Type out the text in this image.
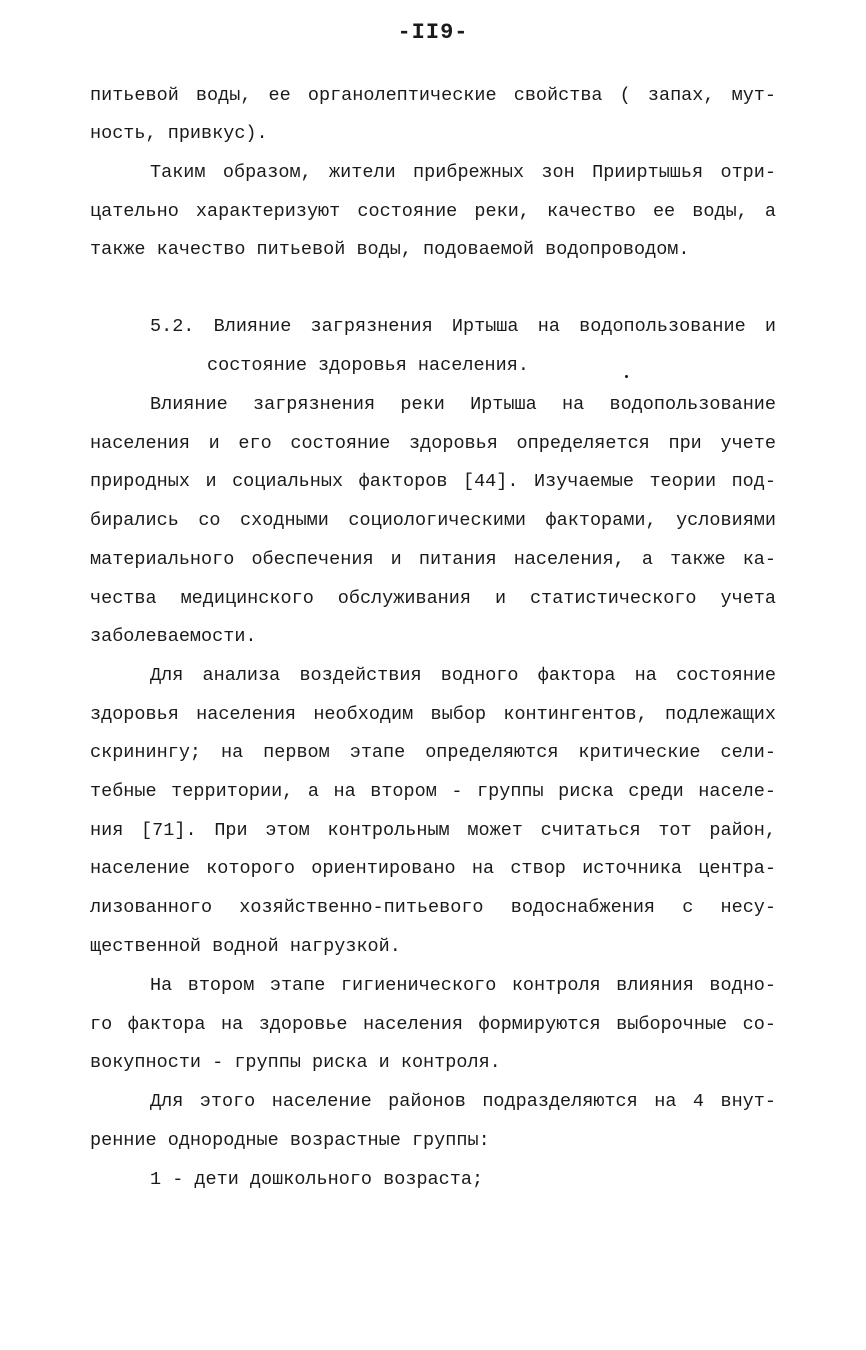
-II9-
питьевой воды, ее органолептические свойства ( запах, мут-
ность, привкус).
Таким образом, жители прибрежных зон Прииртышья отри-
цательно характеризуют состояние реки, качество ее воды, а
также качество питьевой воды, подоваемой водопроводом.
5.2. Влияние загрязнения Иртыша на водопользование и
состояние здоровья населения.
Влияние загрязнения реки Иртыша на водопользование
населения и его состояние здоровья определяется при учете
природных и социальных факторов [44]. Изучаемые теории под-
бирались со сходными социологическими факторами, условиями
материального обеспечения и питания населения, а также ка-
чества медицинского обслуживания и статистического учета
заболеваемости.
Для анализа воздействия водного фактора на состояние
здоровья населения необходим выбор контингентов, подлежащих
скринингу; на первом этапе определяются критические сели-
тебные территории, а на втором - группы риска среди населе-
ния [71]. При этом контрольным может считаться тот район,
население которого ориентировано на створ источника центра-
лизованного хозяйственно-питьевого водоснабжения с несу-
щественной водной нагрузкой.
На втором этапе гигиенического контроля влияния водно-
го фактора на здоровье населения формируются выборочные со-
вокупности - группы риска и контроля.
Для этого население районов подразделяются на 4 внут-
ренние однородные возрастные группы:
1 - дети дошкольного возраста;
